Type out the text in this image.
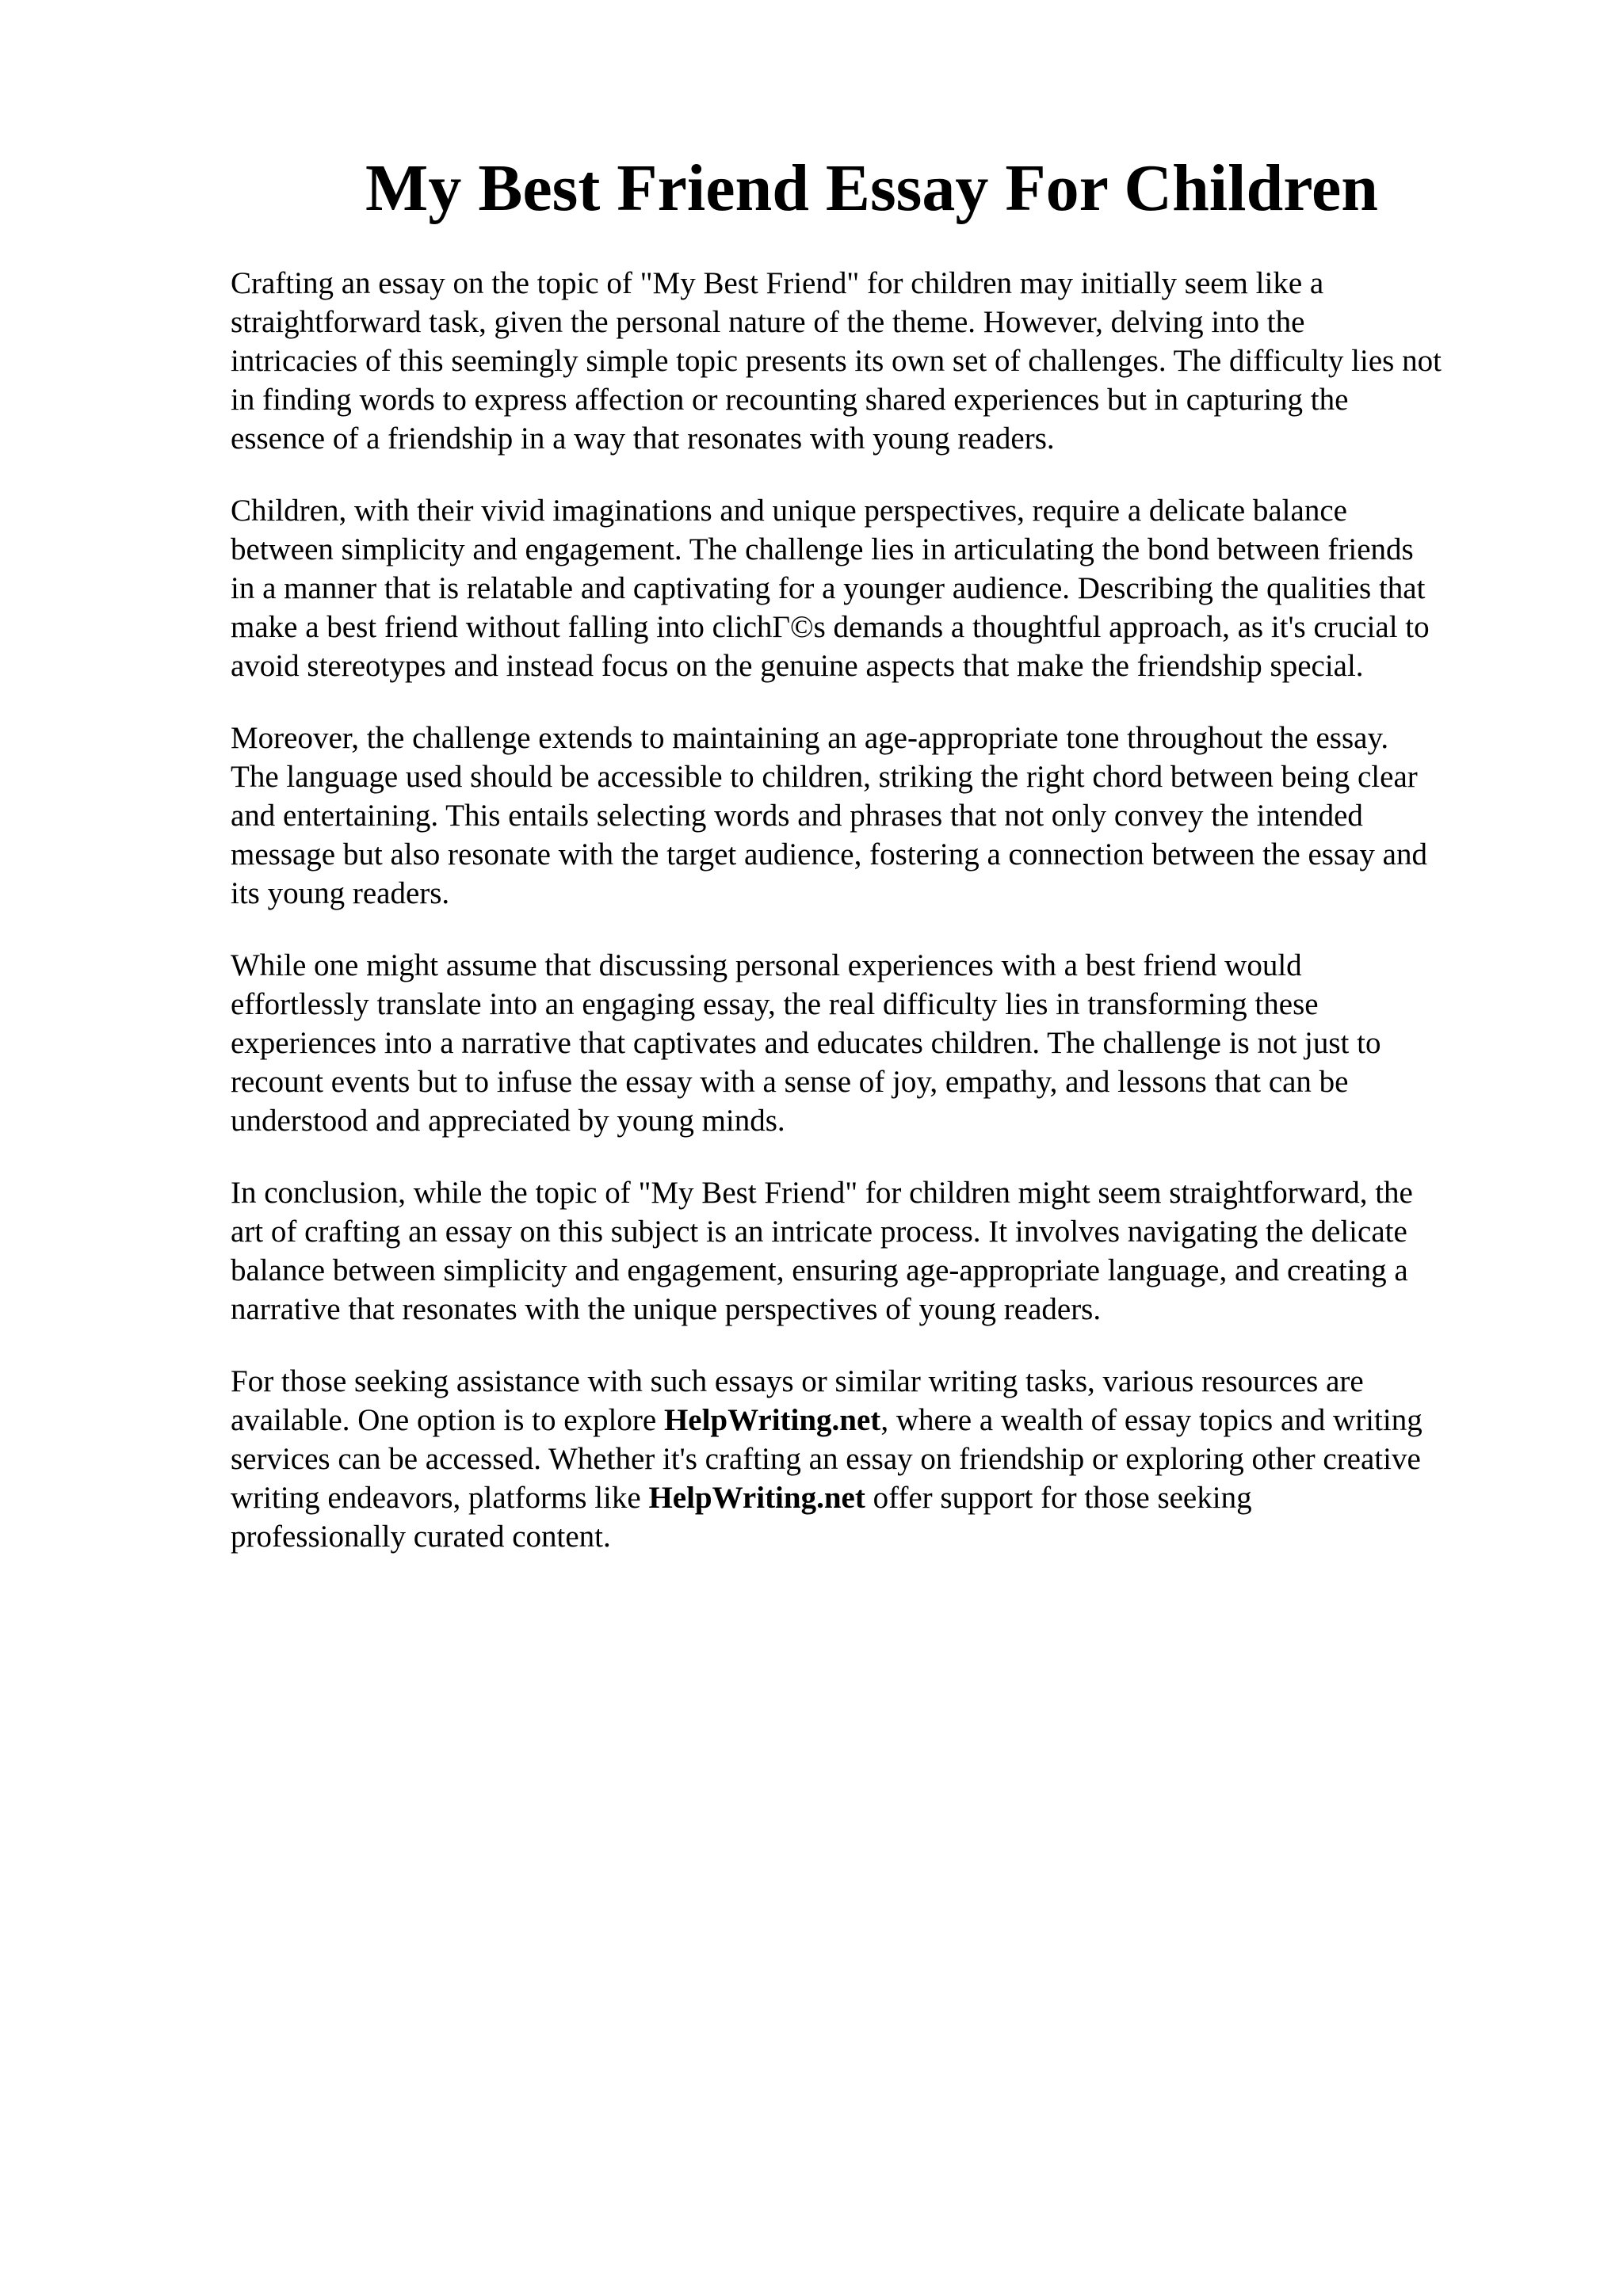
My Best Friend Essay For Children

Crafting an essay on the topic of "My Best Friend" for children may initially seem like a
straightforward task, given the personal nature of the theme. However, delving into the
intricacies of this seemingly simple topic presents its own set of challenges. The difficulty lies not
in finding words to express affection or recounting shared experiences but in capturing the
essence of a friendship in a way that resonates with young readers.

Children, with their vivid imaginations and unique perspectives, require a delicate balance
between simplicity and engagement. The challenge lies in articulating the bond between friends
in a manner that is relatable and captivating for a younger audience. Describing the qualities that
make a best friend without falling into clichГ©s demands a thoughtful approach, as it's crucial to
avoid stereotypes and instead focus on the genuine aspects that make the friendship special.

Moreover, the challenge extends to maintaining an age-appropriate tone throughout the essay.
The language used should be accessible to children, striking the right chord between being clear
and entertaining. This entails selecting words and phrases that not only convey the intended
message but also resonate with the target audience, fostering a connection between the essay and
its young readers.

While one might assume that discussing personal experiences with a best friend would
effortlessly translate into an engaging essay, the real difficulty lies in transforming these
experiences into a narrative that captivates and educates children. The challenge is not just to
recount events but to infuse the essay with a sense of joy, empathy, and lessons that can be
understood and appreciated by young minds.

In conclusion, while the topic of "My Best Friend" for children might seem straightforward, the
art of crafting an essay on this subject is an intricate process. It involves navigating the delicate
balance between simplicity and engagement, ensuring age-appropriate language, and creating a
narrative that resonates with the unique perspectives of young readers.

For those seeking assistance with such essays or similar writing tasks, various resources are
available. One option is to explore HelpWriting.net, where a wealth of essay topics and writing
services can be accessed. Whether it's crafting an essay on friendship or exploring other creative
writing endeavors, platforms like HelpWriting.net offer support for those seeking
professionally curated content.
